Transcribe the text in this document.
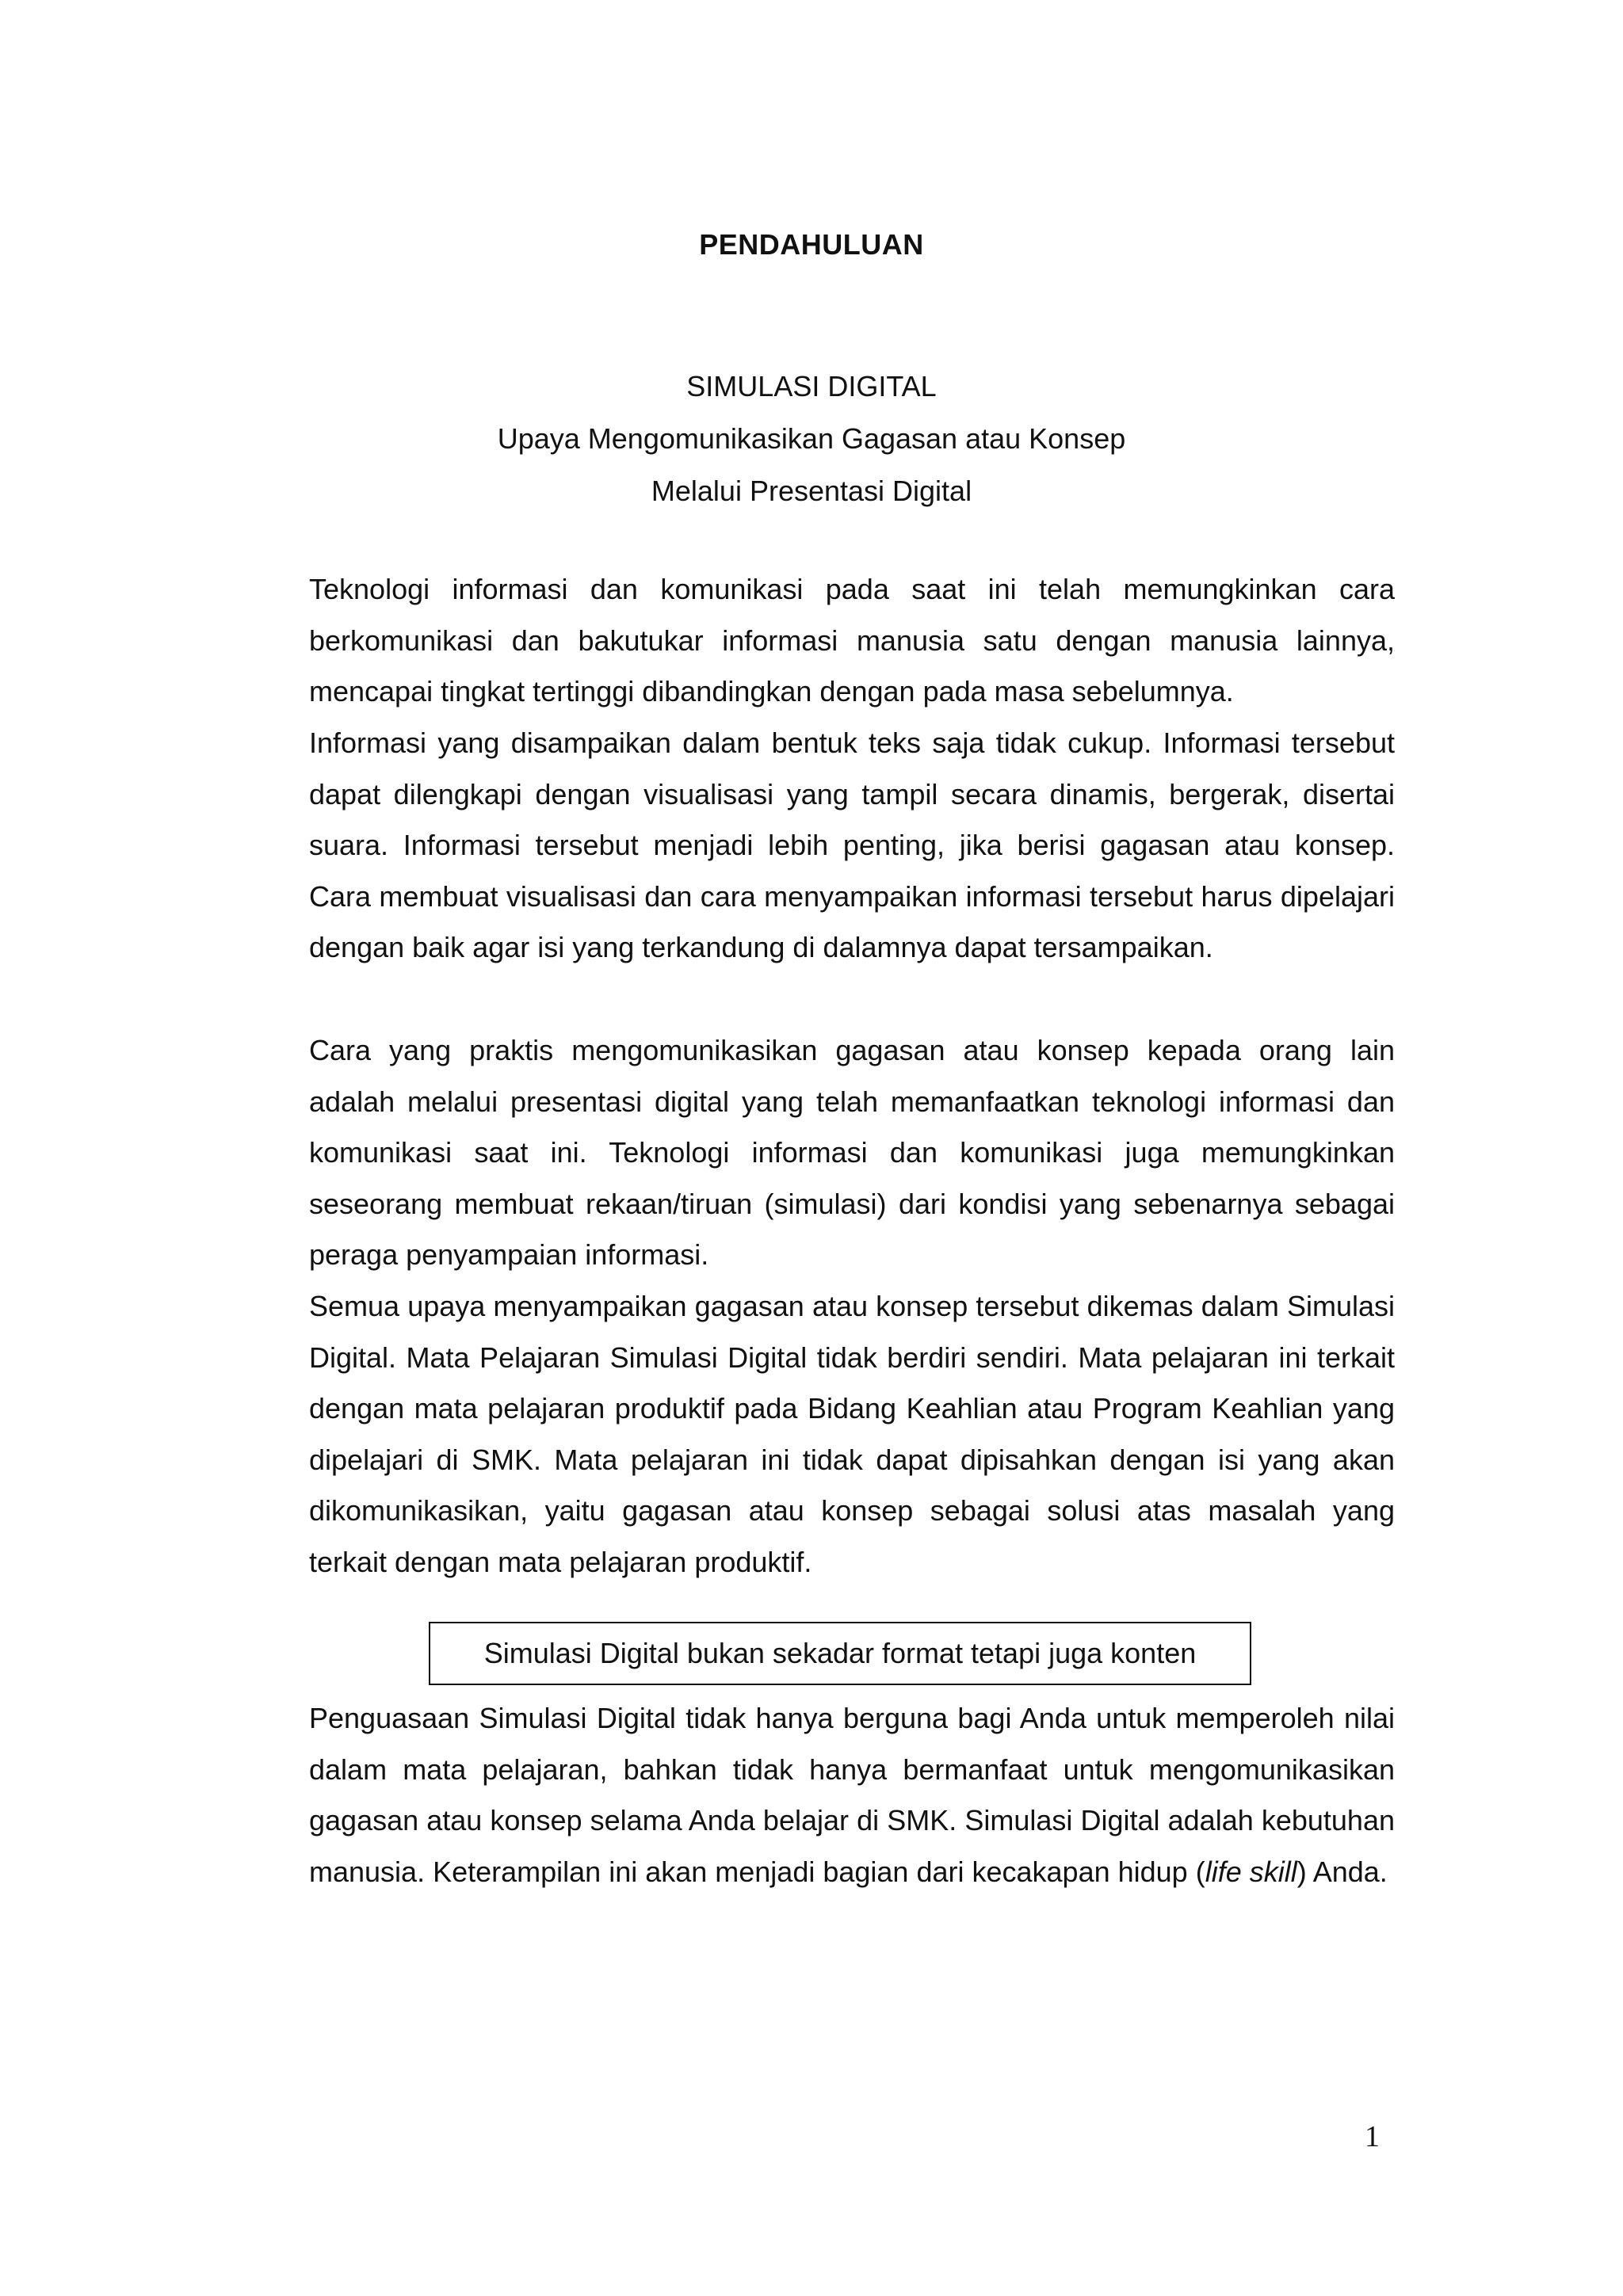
PENDAHULUAN
SIMULASI DIGITAL
Upaya Mengomunikasikan Gagasan atau Konsep
Melalui Presentasi Digital

Teknologi informasi dan komunikasi pada saat ini telah memungkinkan cara berkomunikasi dan bakutukar informasi manusia satu dengan manusia lainnya, mencapai tingkat tertinggi dibandingkan dengan pada masa sebelumnya.

Informasi yang disampaikan dalam bentuk teks saja tidak cukup. Informasi tersebut dapat dilengkapi dengan visualisasi yang tampil secara dinamis, bergerak, disertai suara. Informasi tersebut menjadi lebih penting, jika berisi gagasan atau konsep. Cara membuat visualisasi dan cara menyampaikan informasi tersebut harus dipelajari dengan baik agar isi yang terkandung di dalamnya dapat tersampaikan.

Cara yang praktis mengomunikasikan gagasan atau konsep kepada orang lain adalah melalui presentasi digital yang telah memanfaatkan teknologi informasi dan komunikasi saat ini. Teknologi informasi dan komunikasi juga memungkinkan seseorang membuat rekaan/tiruan (simulasi) dari kondisi yang sebenarnya sebagai peraga penyampaian informasi.

Semua upaya menyampaikan gagasan atau konsep tersebut dikemas dalam Simulasi Digital. Mata Pelajaran Simulasi Digital tidak berdiri sendiri. Mata pelajaran ini terkait dengan mata pelajaran produktif pada Bidang Keahlian atau Program Keahlian yang dipelajari di SMK. Mata pelajaran ini tidak dapat dipisahkan dengan isi yang akan dikomunikasikan, yaitu gagasan atau konsep sebagai solusi atas masalah yang terkait dengan mata pelajaran produktif.

Simulasi Digital bukan sekadar format tetapi juga konten

Penguasaan Simulasi Digital tidak hanya berguna bagi Anda untuk memperoleh nilai dalam mata pelajaran, bahkan tidak hanya bermanfaat untuk mengomunikasikan gagasan atau konsep selama Anda belajar di SMK. Simulasi Digital adalah kebutuhan manusia. Keterampilan ini akan menjadi bagian dari kecakapan hidup (life skill) Anda.

1
